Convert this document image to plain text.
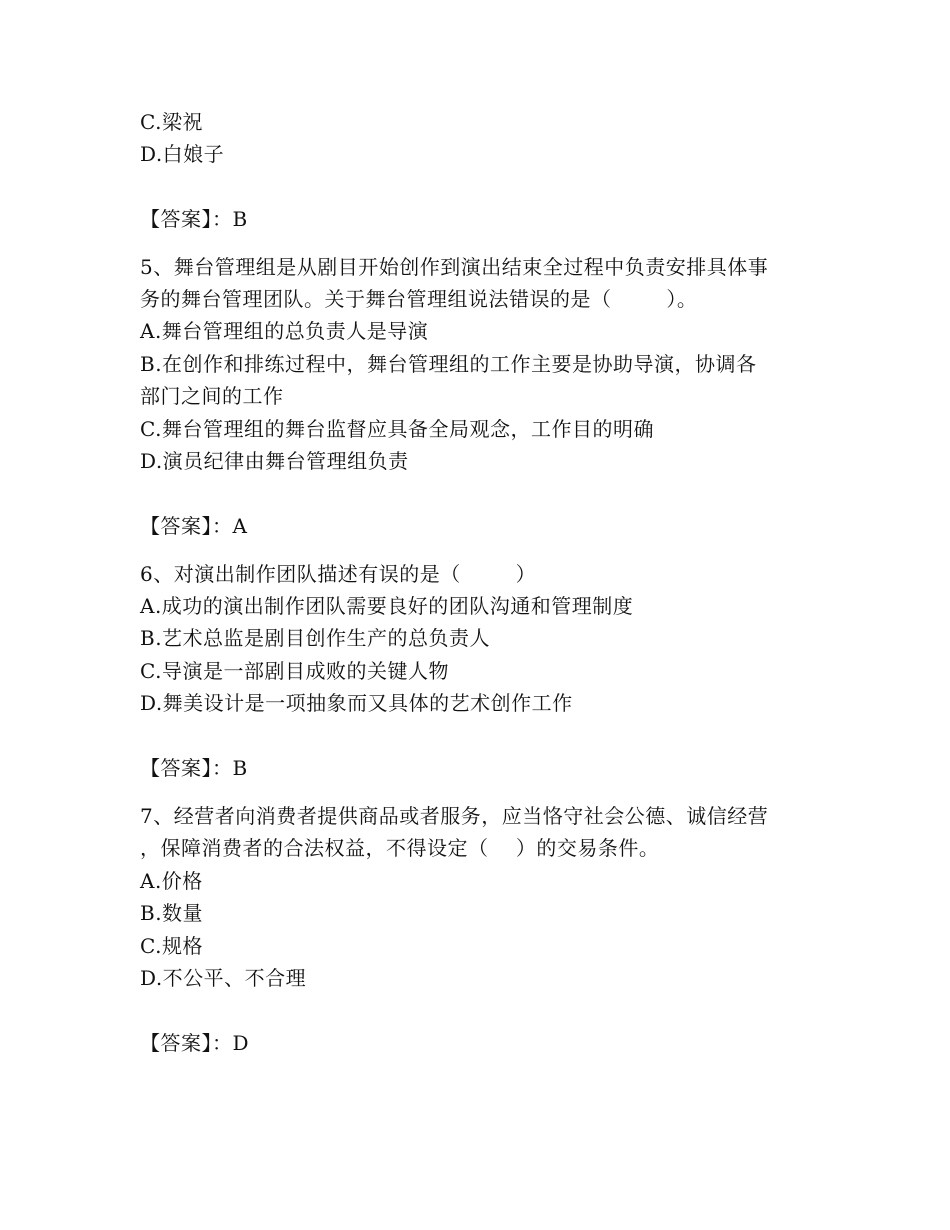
C.梁祝
D.白娘子
【答案】：B
5、舞台管理组是从剧目开始创作到演出结束全过程中负责安排具体事
务的舞台管理团队。关于舞台管理组说法错误的是（        ）。
A.舞台管理组的总负责人是导演
B.在创作和排练过程中，舞台管理组的工作主要是协助导演，协调各
部门之间的工作
C.舞台管理组的舞台监督应具备全局观念，工作目的明确
D.演员纪律由舞台管理组负责
【答案】：A
6、对演出制作团队描述有误的是（        ）
A.成功的演出制作团队需要良好的团队沟通和管理制度
B.艺术总监是剧目创作生产的总负责人
C.导演是一部剧目成败的关键人物
D.舞美设计是一项抽象而又具体的艺术创作工作
【答案】：B
7、经营者向消费者提供商品或者服务，应当恪守社会公德、诚信经营
，保障消费者的合法权益，不得设定（    ）的交易条件。
A.价格
B.数量
C.规格
D.不公平、不合理
【答案】：D
